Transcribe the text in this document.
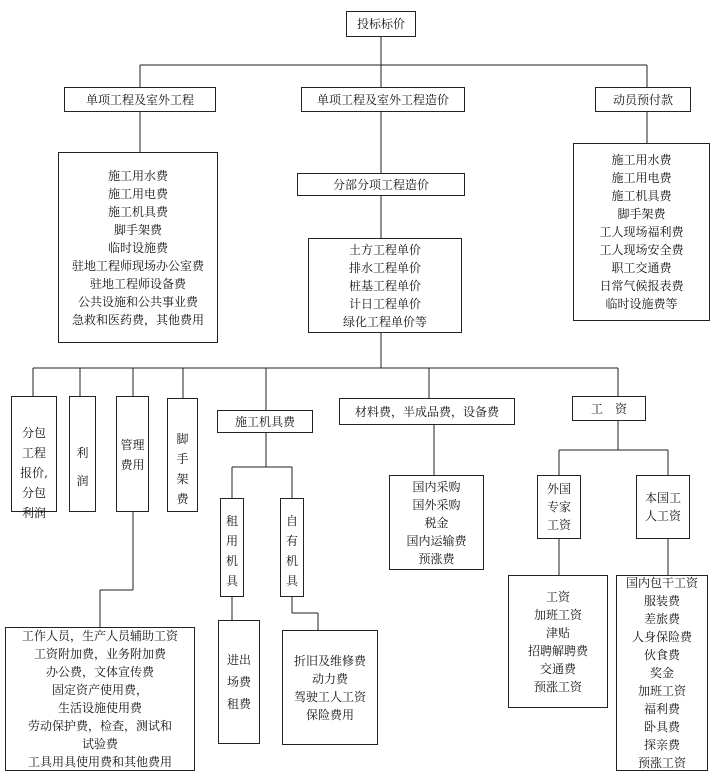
投标标价
单项工程及室外工程	单项工程及室外工程造价	动员预付款
施工用水费
施工用电费
施工机具费
脚手架费
临时设施费
驻地工程师现场办公室费
驻地工程师设备费
公共设施和公共事业费
急救和医药费，其他费用
分部分项工程造价
土方工程单价
排水工程单价
桩基工程单价
计日工程单价
绿化工程单价等
施工用水费
施工用电费
施工机具费
脚手架费
工人现场福利费
工人现场安全费
职工交通费
日常气候报表费
临时设施费等
分包
工程
报价,
分包
利润
利
润
管理
费用
脚
手
架
费
施工机具费
材料费，半成品费，设备费	工　资
工作人员，生产人员辅助工资
工资附加费，业务附加费
办公费，文体宣传费
固定资产使用费，
生活设施使用费
劳动保护费，检查，测试和
试验费
工具用具使用费和其他费用
租
用
机
具
自
有
机
具
进出
场费
租费
折旧及维修费
动力费
驾驶工人工资
保险费用
国内采购
国外采购
税金
国内运输费
预涨费
外国
专家
工资
本国工
人工资
工资
加班工资
津贴
招聘解聘费
交通费
预涨工资
国内包干工资
服装费
差旅费
人身保险费
伙食费
奖金
加班工资
福利费
卧具费
探亲费
预涨工资
